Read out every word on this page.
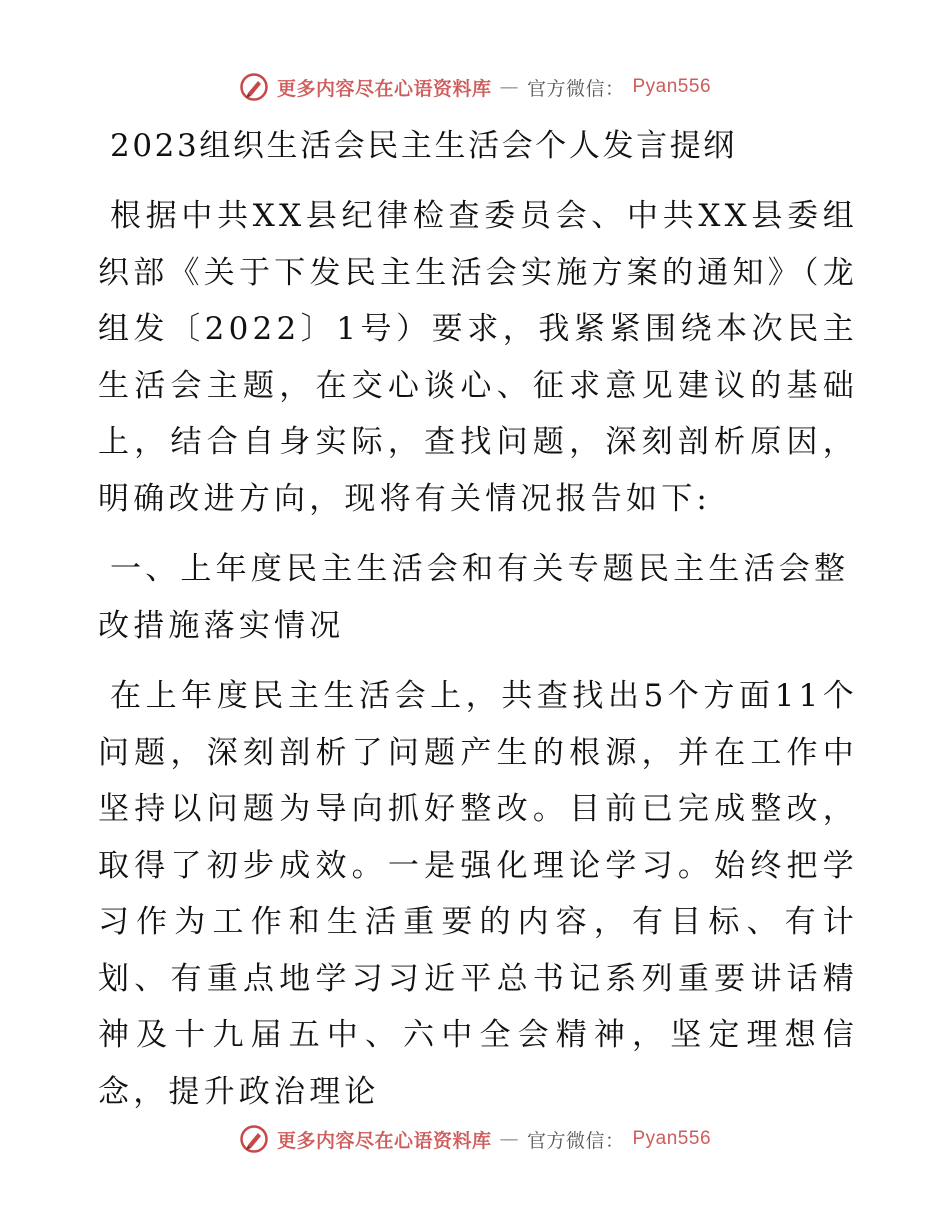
更多内容尽在心语资料库 — 官方微信： Pyan556
2023组织生活会民主生活会个人发言提纲

根据中共XX县纪律检查委员会、中共XX县委组织部《关于下发民主生活会实施方案的通知》（龙组发〔2022〕1号）要求，我紧紧围绕本次民主生活会主题，在交心谈心、征求意见建议的基础上，结合自身实际，查找问题，深刻剖析原因，明确改进方向，现将有关情况报告如下:

一、上年度民主生活会和有关专题民主生活会整改措施落实情况

在上年度民主生活会上，共查找出5个方面11个问题，深刻剖析了问题产生的根源，并在工作中坚持以问题为导向抓好整改。目前已完成整改，取得了初步成效。一是强化理论学习。始终把学习作为工作和生活重要的内容，有目标、有计划、有重点地学习习近平总书记系列重要讲话精神及十九届五中、六中全会精神，坚定理想信念，提升政治理论

更多内容尽在心语资料库 — 官方微信： Pyan556
